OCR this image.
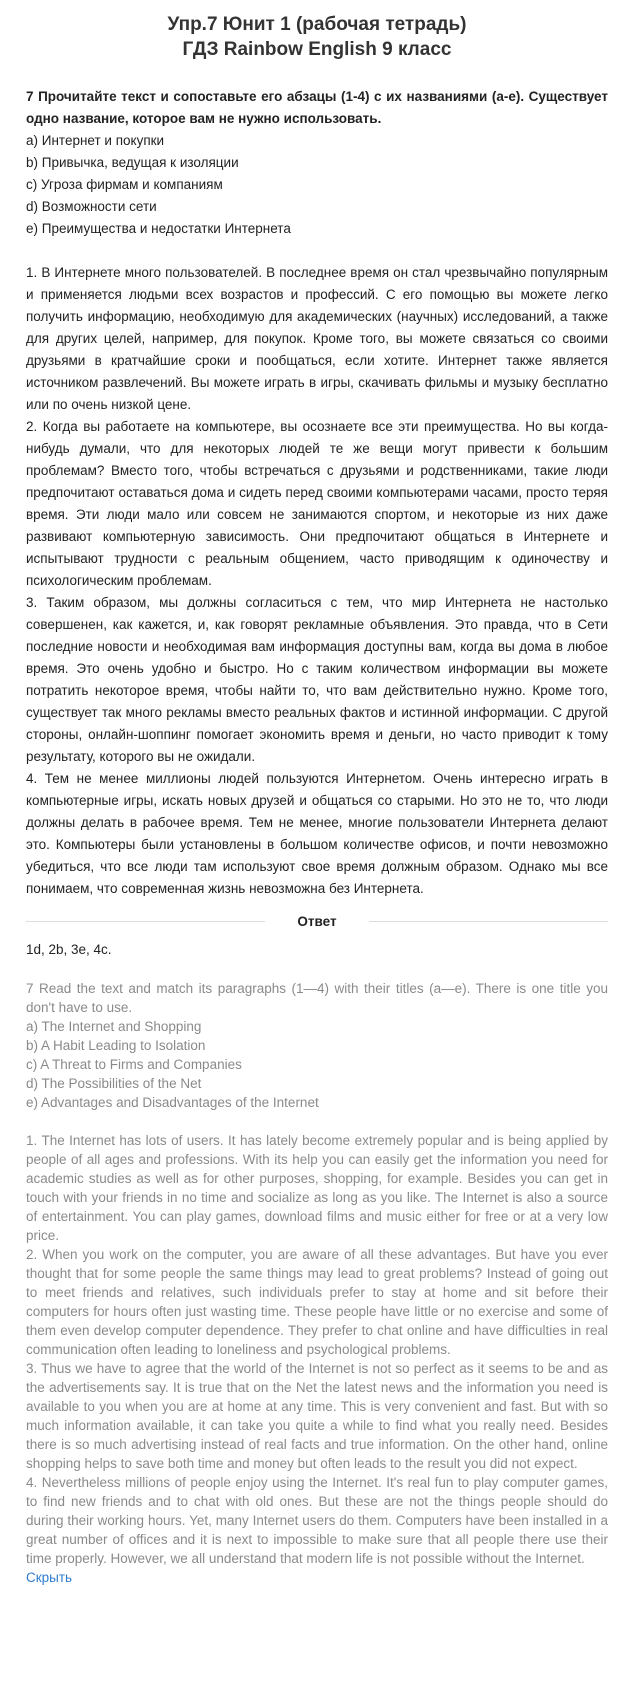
Упр.7 Юнит 1 (рабочая тетрадь)
ГДЗ Rainbow English 9 класс

7 Прочитайте текст и сопоставьте его абзацы (1-4) с их названиями (a-e). Существует одно название, которое вам не нужно использовать.

a) Интернет и покупки
b) Привычка, ведущая к изоляции
c) Угроза фирмам и компаниям
d) Возможности сети
e) Преимущества и недостатки Интернета

1. В Интернете много пользователей. В последнее время он стал чрезвычайно популярным и применяется людьми всех возрастов и профессий. С его помощью вы можете легко получить информацию, необходимую для академических (научных) исследований, а также для других целей, например, для покупок. Кроме того, вы можете связаться со своими друзьями в кратчайшие сроки и пообщаться, если хотите. Интернет также является источником развлечений. Вы можете играть в игры, скачивать фильмы и музыку бесплатно или по очень низкой цене.

2. Когда вы работаете на компьютере, вы осознаете все эти преимущества. Но вы когда-нибудь думали, что для некоторых людей те же вещи могут привести к большим проблемам? Вместо того, чтобы встречаться с друзьями и родственниками, такие люди предпочитают оставаться дома и сидеть перед своими компьютерами часами, просто теряя время. Эти люди мало или совсем не занимаются спортом, и некоторые из них даже развивают компьютерную зависимость. Они предпочитают общаться в Интернете и испытывают трудности с реальным общением, часто приводящим к одиночеству и психологическим проблемам.

3. Таким образом, мы должны согласиться с тем, что мир Интернета не настолько совершенен, как кажется, и, как говорят рекламные объявления. Это правда, что в Сети последние новости и необходимая вам информация доступны вам, когда вы дома в любое время. Это очень удобно и быстро. Но с таким количеством информации вы можете потратить некоторое время, чтобы найти то, что вам действительно нужно. Кроме того, существует так много рекламы вместо реальных фактов и истинной информации. С другой стороны, онлайн-шоппинг помогает экономить время и деньги, но часто приводит к тому результату, которого вы не ожидали.

4. Тем не менее миллионы людей пользуются Интернетом. Очень интересно играть в компьютерные игры, искать новых друзей и общаться со старыми. Но это не то, что люди должны делать в рабочее время. Тем не менее, многие пользователи Интернета делают это. Компьютеры были установлены в большом количестве офисов, и почти невозможно убедиться, что все люди там используют свое время должным образом. Однако мы все понимаем, что современная жизнь невозможна без Интернета.

Ответ
1d, 2b, 3e, 4c.

7 Read the text and match its paragraphs (1—4) with their titles (a—e). There is one title you don't have to use.

a) The Internet and Shopping
b) A Habit Leading to Isolation
c) A Threat to Firms and Companies
d) The Possibilities of the Net
e) Advantages and Disadvantages of the Internet

1. The Internet has lots of users. It has lately become extremely popular and is being applied by people of all ages and professions. With its help you can easily get the information you need for academic studies as well as for other purposes, shopping, for example. Besides you can get in touch with your friends in no time and socialize as long as you like. The Internet is also a source of entertainment. You can play games, download films and music either for free or at a very low price.

2. When you work on the computer, you are aware of all these advantages. But have you ever thought that for some people the same things may lead to great problems? Instead of going out to meet friends and relatives, such individuals prefer to stay at home and sit before their computers for hours often just wasting time. These people have little or no exercise and some of them even develop computer dependence. They prefer to chat online and have difficulties in real communication often leading to loneliness and psychological problems.

3. Thus we have to agree that the world of the Internet is not so perfect as it seems to be and as the advertisements say. It is true that on the Net the latest news and the information you need is available to you when you are at home at any time. This is very convenient and fast. But with so much information available, it can take you quite a while to find what you really need. Besides there is so much advertising instead of real facts and true information. On the other hand, online shopping helps to save both time and money but often leads to the result you did not expect.

4. Nevertheless millions of people enjoy using the Internet. It's real fun to play computer games, to find new friends and to chat with old ones. But these are not the things people should do during their working hours. Yet, many Internet users do them. Computers have been installed in a great number of offices and it is next to impossible to make sure that all people there use their time properly. However, we all understand that modern life is not possible without the Internet.

Скрыть
